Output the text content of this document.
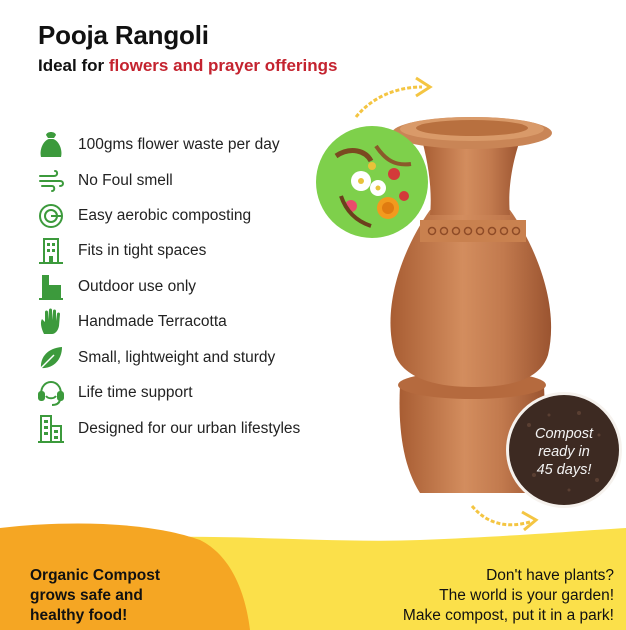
Pooja Rangoli
Ideal for flowers and prayer offerings
100gms flower waste per day
No Foul smell
Easy aerobic composting
Fits in tight spaces
Outdoor use only
Handmade Terracotta
Small, lightweight and sturdy
Life time support
Designed for our urban lifestyles	Compost
ready in
45 days!
Organic Compost
grows safe and
healthy food!
Don't have plants?
The world is your garden!
Make compost, put it in a park!
